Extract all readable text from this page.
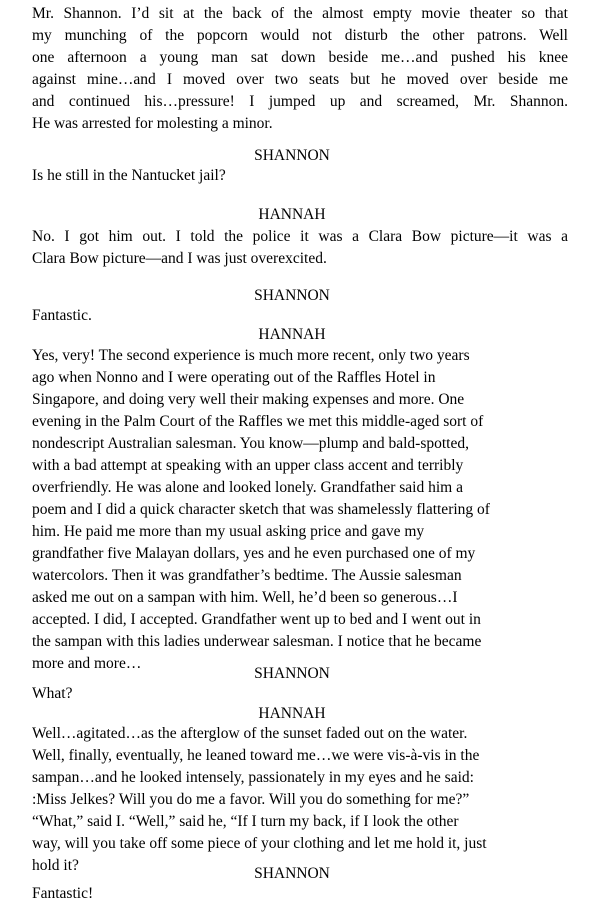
Mr. Shannon. I’d sit at the back of the almost empty movie theater so that
my munching of the popcorn would not disturb the other patrons. Well
one afternoon a young man sat down beside me…and pushed his knee
against mine…and I moved over two seats but he moved over beside me
and continued his…pressure! I jumped up and screamed, Mr. Shannon.
He was arrested for molesting a minor.
SHANNON
Is he still in the Nantucket jail?
HANNAH
No. I got him out. I told the police it was a Clara Bow picture—it was a
Clara Bow picture—and I was just overexcited.
SHANNON
Fantastic.
HANNAH
Yes, very! The second experience is much more recent, only two years
ago when Nonno and I were operating out of the Raffles Hotel in
Singapore, and doing very well their making expenses and more. One
evening in the Palm Court of the Raffles we met this middle-aged sort of
nondescript Australian salesman. You know—plump and bald-spotted,
with a bad attempt at speaking with an upper class accent and terribly
overfriendly. He was alone and looked lonely. Grandfather said him a
poem and I did a quick character sketch that was shamelessly flattering of
him. He paid me more than my usual asking price and gave my
grandfather five Malayan dollars, yes and he even purchased one of my
watercolors. Then it was grandfather’s bedtime. The Aussie salesman
asked me out on a sampan with him. Well, he’d been so generous…I
accepted. I did, I accepted. Grandfather went up to bed and I went out in
the sampan with this ladies underwear salesman. I notice that he became
more and more…
SHANNON
What?
HANNAH
Well…agitated…as the afterglow of the sunset faded out on the water.
Well, finally, eventually, he leaned toward me…we were vis-à-vis in the
sampan…and he looked intensely, passionately in my eyes and he said:
:Miss Jelkes? Will you do me a favor. Will you do something for me?”
“What,” said I. “Well,” said he, “If I turn my back, if I look the other
way, will you take off some piece of your clothing and let me hold it, just
hold it?	SHANNON
Fantastic!
